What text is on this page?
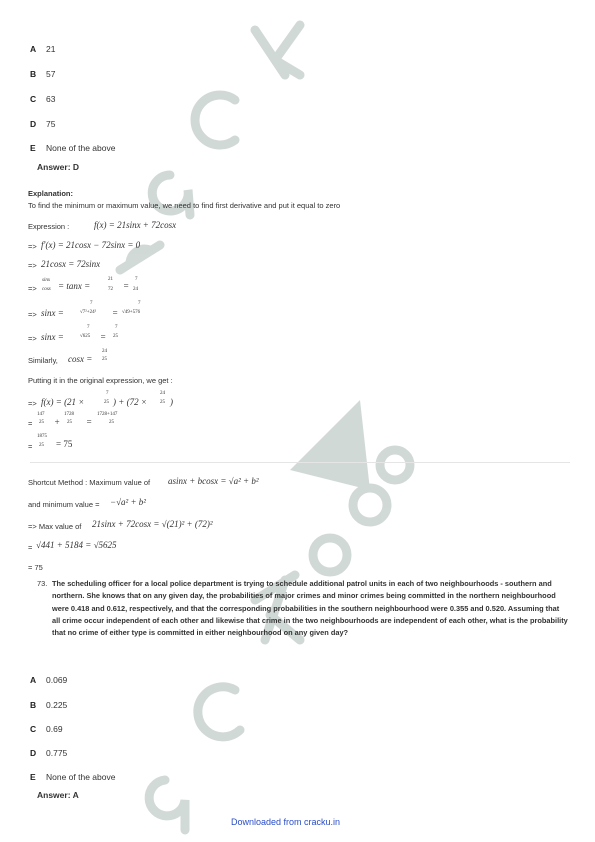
A 21
B 57
C 63
D 75
E None of the above
Answer: D
Explanation:
To find the minimum or maximum value, we need to find first derivative and put it equal to zero
Expression :	f(x) = 21sinx + 72cosx
=> f′(x) = 21cosx − 72sinx = 0
=> 21cosx = 72sinx
=>
sinx
cosx = tanx =
21
72 =
7
24
=> sinx =
7
√7²+24² =
7
√49+576
=> sinx =
7
√625 =
7
25
Similarly, cosx =
24
25
Putting it in the original expression, we get :
=> f(x) = (21 ×
7
25 ) + (72 ×
24
25 )
=
147
25 +
1728
25 =
1728+147
25
=
1875
25 = 75
Shortcut Method : Maximum value of asinx + bcosx = √a² + b²
and minimum value = −√a² + b²
=> Max value of 21sinx + 72cosx = √(21)² + (72)²
= √441 + 5184 = √5625
= 75
73. The scheduling officer for a local police department is trying to schedule additional patrol units in each of two neighbourhoods - southern and northern. She knows that on any given day, the probabilities of major crimes and minor crimes being committed in the northern neighbourhood were 0.418 and 0.612, respectively, and that the corresponding probabilities in the southern neighbourhood were 0.355 and 0.520. Assuming that all crime occur independent of each other and likewise that crime in the two neighbourhoods are independent of each other, what is the probability that no crime of either type is committed in either neighbourhood on any given day?
A 0.069
B 0.225
C 0.69
D 0.775
E None of the above
Answer: A
Downloaded from cracku.in
